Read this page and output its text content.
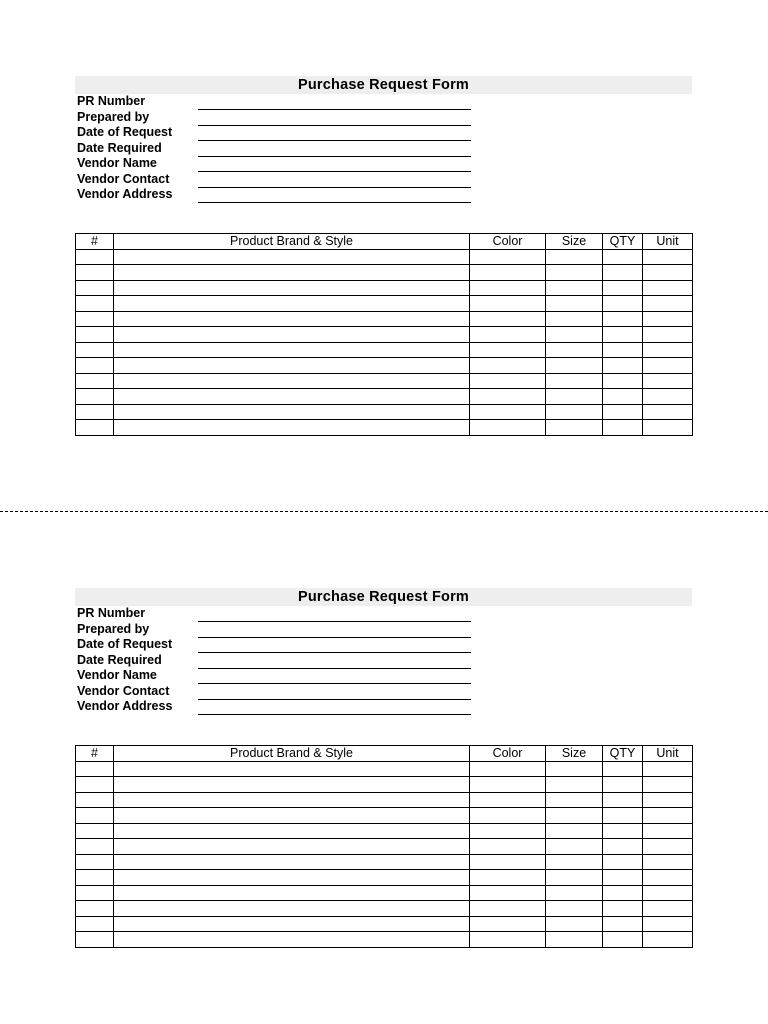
Purchase Request Form
PR Number
Prepared by
Date of Request
Date Required
Vendor Name
Vendor Contact
Vendor Address
#	Product Brand & Style	Color	Size	QTY	Unit

Purchase Request Form
PR Number
Prepared by
Date of Request
Date Required
Vendor Name
Vendor Contact
Vendor Address
#	Product Brand & Style	Color	Size	QTY	Unit
